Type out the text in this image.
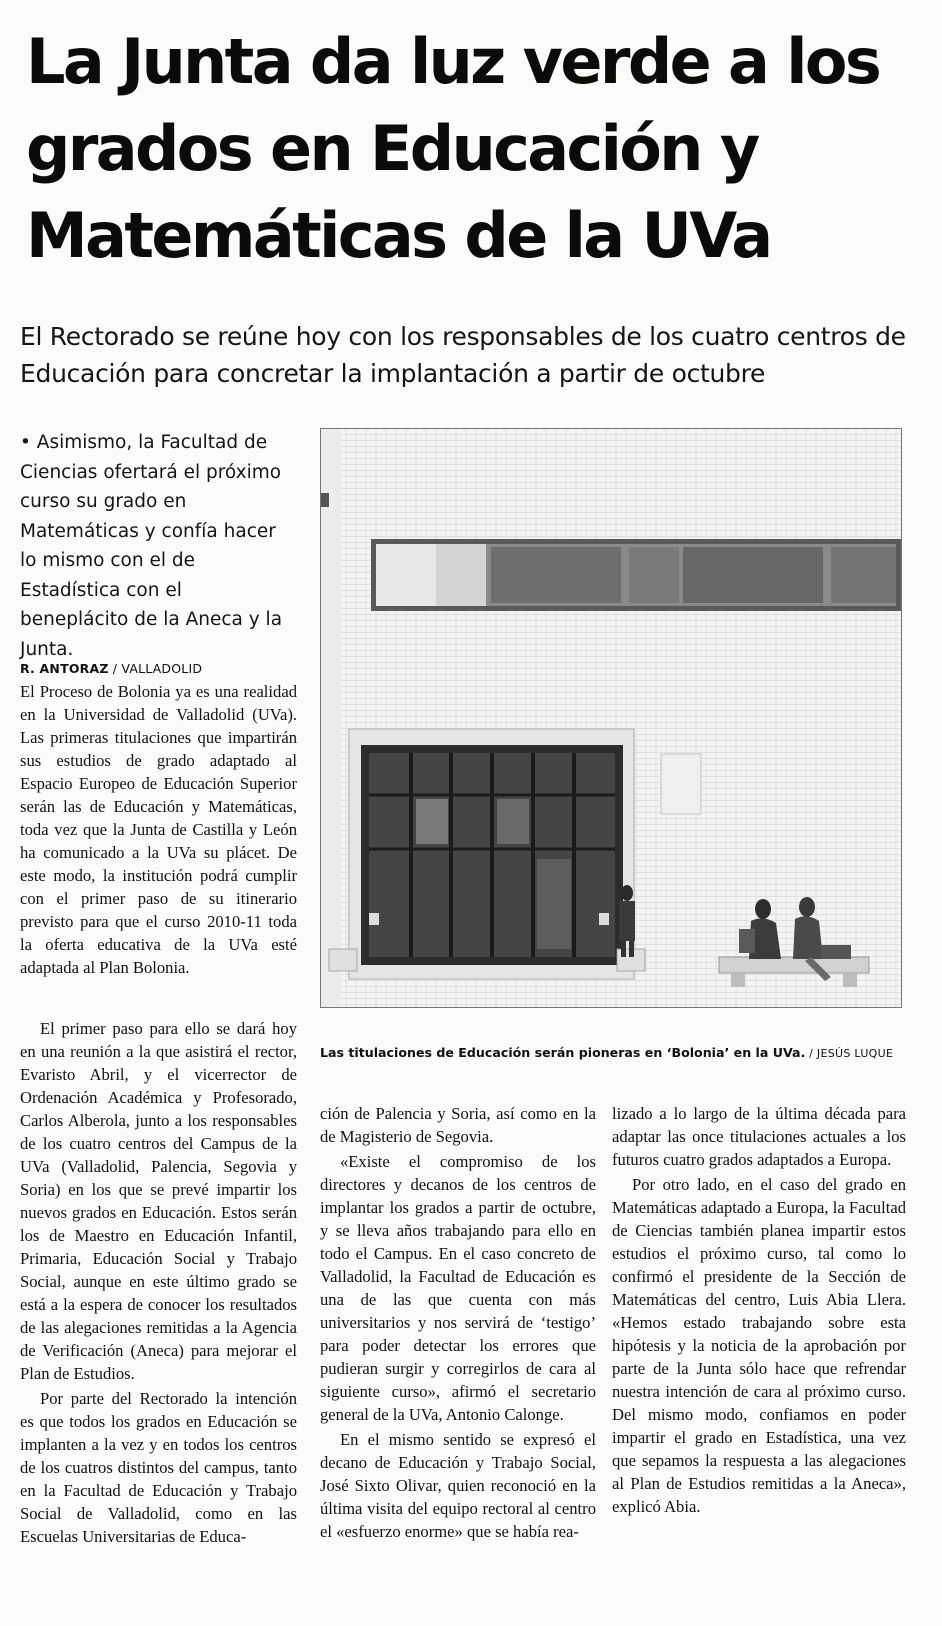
La Junta da luz verde a los grados en Educación y Matemáticas de la UVa

El Rectorado se reúne hoy con los responsables de los cuatro centros de Educación para concretar la implantación a partir de octubre

• Asimismo, la Facultad de Ciencias ofertará el próximo curso su grado en Matemáticas y confía hacer lo mismo con el de Estadística con el beneplácito de la Aneca y la Junta.

Las titulaciones de Educación serán pioneras en ‘Bolonia’ en la UVa. / JESÚS LUQUE
R. ANTORAZ / VALLADOLID

El Proceso de Bolonia ya es una realidad en la Universidad de Valladolid (UVa). Las primeras titulaciones que impartirán sus estudios de grado adaptado al Espacio Europeo de Educación Superior serán las de Educación y Matemáticas, toda vez que la Junta de Castilla y León ha comunicado a la UVa su plácet. De este modo, la institución podrá cumplir con el primer paso de su itinerario previsto para que el curso 2010-11 toda la oferta educativa de la UVa esté adaptada al Plan Bolonia.

El primer paso para ello se dará hoy en una reunión a la que asistirá el rector, Evaristo Abril, y el vicerrector de Ordenación Académica y Profesorado, Carlos Alberola, junto a los responsables de los cuatro centros del Campus de la UVa (Valladolid, Palencia, Segovia y Soria) en los que se prevé impartir los nuevos grados en Educación. Estos serán los de Maestro en Educación Infantil, Primaria, Educación Social y Trabajo Social, aunque en este último grado se está a la espera de conocer los resultados de las alegaciones remitidas a la Agencia de Verificación (Aneca) para mejorar el Plan de Estudios.

Por parte del Rectorado la intención es que todos los grados en Educación se implanten a la vez y en todos los centros de los cuatros distintos del campus, tanto en la Facultad de Educación y Trabajo Social de Valladolid, como en las Escuelas Universitarias de Educa-

ción de Palencia y Soria, así como en la de Magisterio de Segovia.

«Existe el compromiso de los directores y decanos de los centros de implantar los grados a partir de octubre, y se lleva años trabajando para ello en todo el Campus. En el caso concreto de Valladolid, la Facultad de Educación es una de las que cuenta con más universitarios y nos servirá de ‘testigo’ para poder detectar los errores que pudieran surgir y corregirlos de cara al siguiente curso», afirmó el secretario general de la UVa, Antonio Calonge.

En el mismo sentido se expresó el decano de Educación y Trabajo Social, José Sixto Olivar, quien reconoció en la última visita del equipo rectoral al centro el «esfuerzo enorme» que se había rea-

lizado a lo largo de la última década para adaptar las once titulaciones actuales a los futuros cuatro grados adaptados a Europa.

Por otro lado, en el caso del grado en Matemáticas adaptado a Europa, la Facultad de Ciencias también planea impartir estos estudios el próximo curso, tal como lo confirmó el presidente de la Sección de Matemáticas del centro, Luis Abia Llera. «Hemos estado trabajando sobre esta hipótesis y la noticia de la aprobación por parte de la Junta sólo hace que refrendar nuestra intención de cara al próximo curso. Del mismo modo, confiamos en poder impartir el grado en Estadística, una vez que sepamos la respuesta a las alegaciones al Plan de Estudios remitidas a la Aneca», explicó Abia.
